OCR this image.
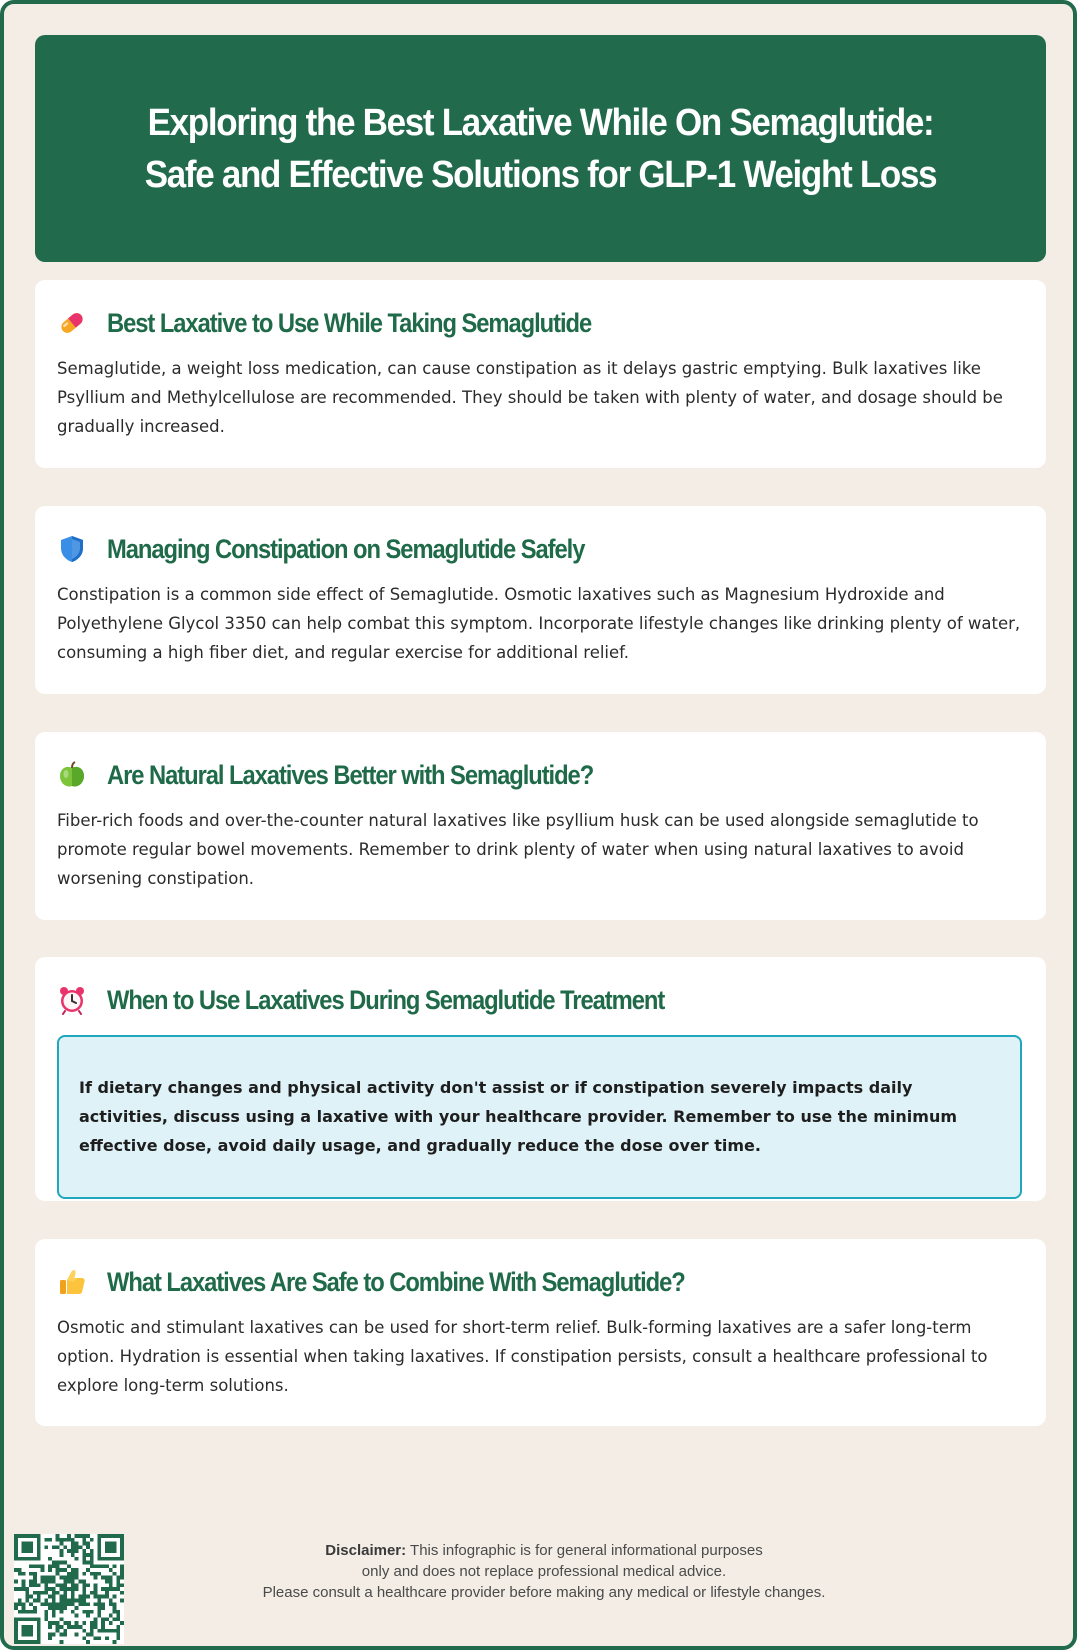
Exploring the Best Laxative While On Semaglutide: Safe and Effective Solutions for GLP-1 Weight Loss
Best Laxative to Use While Taking Semaglutide

Semaglutide, a weight loss medication, can cause constipation as it delays gastric emptying. Bulk laxatives like Psyllium and Methylcellulose are recommended. They should be taken with plenty of water, and dosage should be gradually increased.

Managing Constipation on Semaglutide Safely

Constipation is a common side effect of Semaglutide. Osmotic laxatives such as Magnesium Hydroxide and Polyethylene Glycol 3350 can help combat this symptom. Incorporate lifestyle changes like drinking plenty of water, consuming a high fiber diet, and regular exercise for additional relief.

Are Natural Laxatives Better with Semaglutide?

Fiber-rich foods and over-the-counter natural laxatives like psyllium husk can be used alongside semaglutide to promote regular bowel movements. Remember to drink plenty of water when using natural laxatives to avoid worsening constipation.

When to Use Laxatives During Semaglutide Treatment

If dietary changes and physical activity don't assist or if constipation severely impacts daily activities, discuss using a laxative with your healthcare provider. Remember to use the minimum effective dose, avoid daily usage, and gradually reduce the dose over time.

What Laxatives Are Safe to Combine With Semaglutide?

Osmotic and stimulant laxatives can be used for short-term relief. Bulk-forming laxatives are a safer long-term option. Hydration is essential when taking laxatives. If constipation persists, consult a healthcare professional to explore long-term solutions.

Disclaimer: This infographic is for general informational purposes
only and does not replace professional medical advice.
Please consult a healthcare provider before making any medical or lifestyle changes.
